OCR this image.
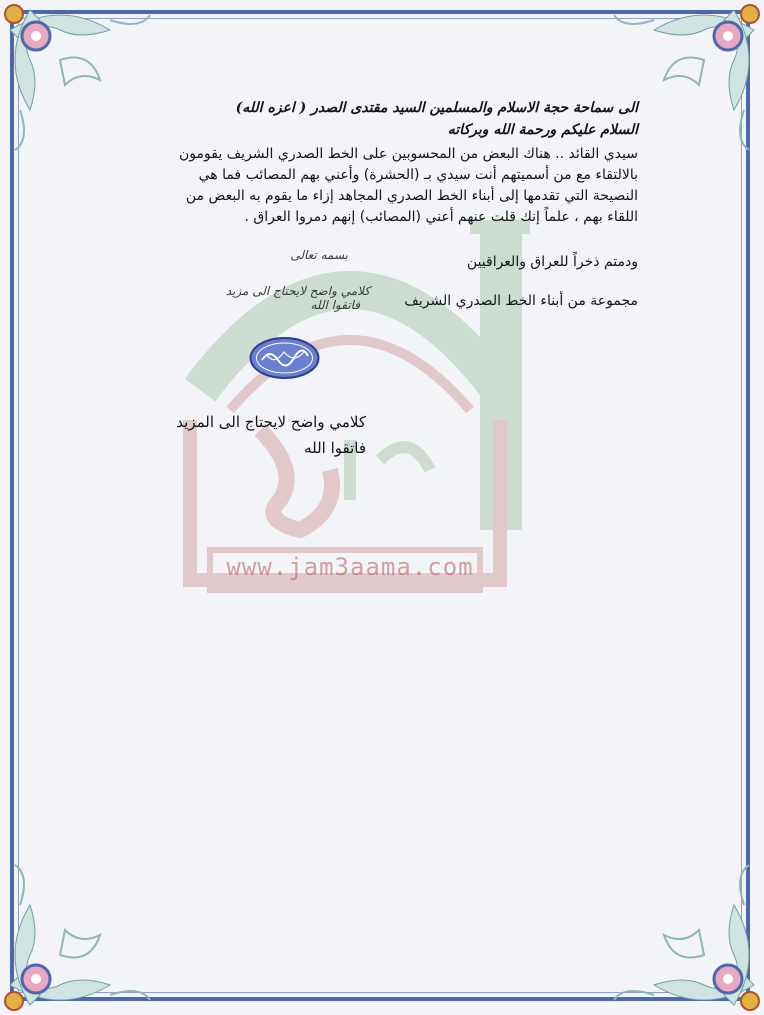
www.jam3aama.com
الى سماحة حجة الاسلام والمسلمين السيد مقتدى الصدر ( اعزه الله)
السلام عليكم ورحمة الله وبركاته
سيدي القائد .. هناك البعض من المحسوبين على الخط الصدري الشريف يقومون
بالالتقاء مع من أسميتهم أنت سيدي بـ (الحشرة) وأعني بهم المصائب فما هي
النصيحة التي تقدمها إلى أبناء الخط الصدري المجاهد إزاء ما يقوم به البعض من
اللقاء بهم ، علماً إنك قلت عنهم أعني (المصائب) إنهم دمروا العراق .
ودمتم ذخراً للعراق والعراقيين
مجموعة من أبناء الخط الصدري الشريف
بسمه تعالى
كلامي واضح لايحتاج الى مزيد
فاتقوا الله
كلامي واضح لايحتاج الى المزيد
فاتقوا الله
